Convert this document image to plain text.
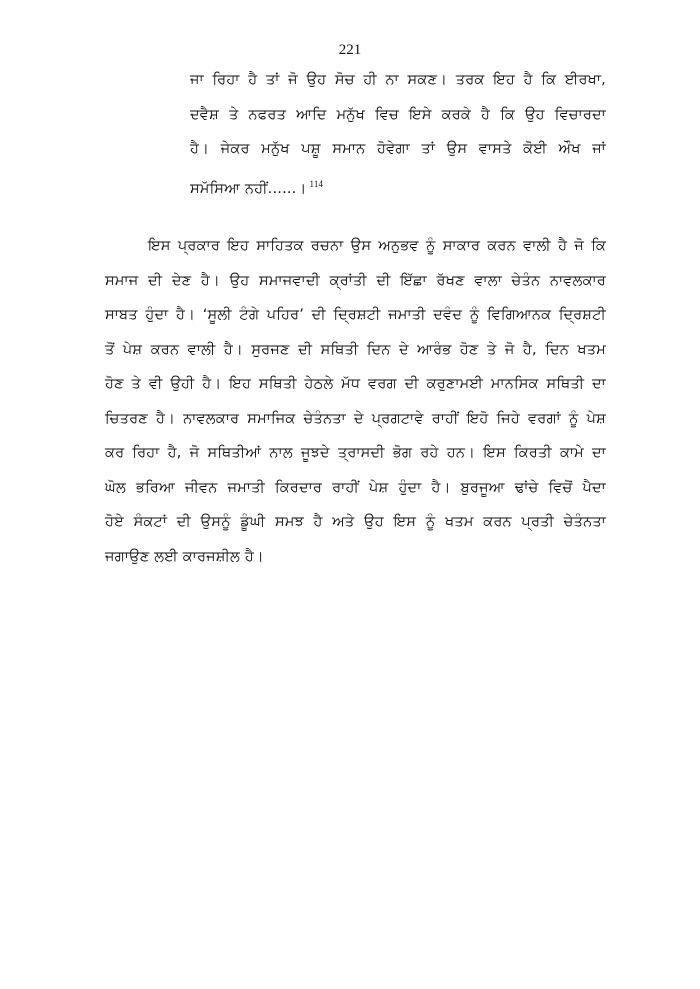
221
ਜਾ ਰਿਹਾ ਹੈ ਤਾਂ ਜੋ ਉਹ ਸੋਚ ਹੀ ਨਾ ਸਕਣ। ਤਰਕ ਇਹ ਹੈ ਕਿ ਈਰਖਾ,
ਦਵੈਸ਼ ਤੇ ਨਫਰਤ ਆਦਿ ਮਨੁੱਖ ਵਿਚ ਇਸੇ ਕਰਕੇ ਹੈ ਕਿ ਉਹ ਵਿਚਾਰਦਾ
ਹੈ। ਜੇਕਰ ਮਨੁੱਖ ਪਸ਼ੂ ਸਮਾਨ ਹੋਵੇਗਾ ਤਾਂ ਉਸ ਵਾਸਤੇ ਕੋਈ ਔਖ ਜਾਂ
ਸਮੱਸਿਆ ਨਹੀਂ......। $^{114}$
ਇਸ ਪ੍ਰਕਾਰ ਇਹ ਸਾਹਿਤਕ ਰਚਨਾ ਉਸ ਅਨੁਭਵ ਨੂੰ ਸਾਕਾਰ ਕਰਨ ਵਾਲੀ ਹੈ ਜੋ ਕਿ
ਸਮਾਜ ਦੀ ਦੇਣ ਹੈ। ਉਹ ਸਮਾਜਵਾਦੀ ਕ੍ਰਾਂਤੀ ਦੀ ਇੱਛਾ ਰੱਖਣ ਵਾਲਾ ਚੇਤੰਨ ਨਾਵਲਕਾਰ
ਸਾਬਤ ਹੁੰਦਾ ਹੈ। ‘ਸੂਲੀ ਟੰਗੇ ਪਹਿਰ’ ਦੀ ਦ੍ਰਿਸ਼ਟੀ ਜਮਾਤੀ ਦਵੰਦ ਨੂੰ ਵਿਗਿਆਨਕ ਦ੍ਰਿਸ਼ਟੀ
ਤੋਂ ਪੇਸ਼ ਕਰਨ ਵਾਲੀ ਹੈ। ਸੁਰਜਣ ਦੀ ਸਥਿਤੀ ਦਿਨ ਦੇ ਆਰੰਭ ਹੋਣ ਤੇ ਜੋ ਹੈ, ਦਿਨ ਖਤਮ
ਹੋਣ ਤੇ ਵੀ ਉਹੀ ਹੈ। ਇਹ ਸਥਿਤੀ ਹੇਠਲੇ ਮੱਧ ਵਰਗ ਦੀ ਕਰੁਣਾਮਈ ਮਾਨਸਿਕ ਸਥਿਤੀ ਦਾ
ਚਿਤਰਣ ਹੈ। ਨਾਵਲਕਾਰ ਸਮਾਜਿਕ ਚੇਤੰਨਤਾ ਦੇ ਪ੍ਰਗਟਾਵੇ ਰਾਹੀਂ ਇਹੋ ਜਿਹੇ ਵਰਗਾਂ ਨੂੰ ਪੇਸ਼
ਕਰ ਰਿਹਾ ਹੈ, ਜੋ ਸਥਿਤੀਆਂ ਨਾਲ ਜੂਝਦੇ ਤ੍ਰਾਸਦੀ ਭੋਗ ਰਹੇ ਹਨ। ਇਸ ਕਿਰਤੀ ਕਾਮੇ ਦਾ
ਘੋਲ ਭਰਿਆ ਜੀਵਨ ਜਮਾਤੀ ਕਿਰਦਾਰ ਰਾਹੀਂ ਪੇਸ਼ ਹੁੰਦਾ ਹੈ। ਬੁਰਜੂਆ ਢਾਂਚੇ ਵਿਚੋਂ ਪੈਦਾ
ਹੋਏ ਸੰਕਟਾਂ ਦੀ ਉਸਨੂੰ ਡੂੰਘੀ ਸਮਝ ਹੈ ਅਤੇ ਉਹ ਇਸ ਨੂੰ ਖਤਮ ਕਰਨ ਪ੍ਰਤੀ ਚੇਤੰਨਤਾ
ਜਗਾਉਣ ਲਈ ਕਾਰਜਸ਼ੀਲ ਹੈ।
